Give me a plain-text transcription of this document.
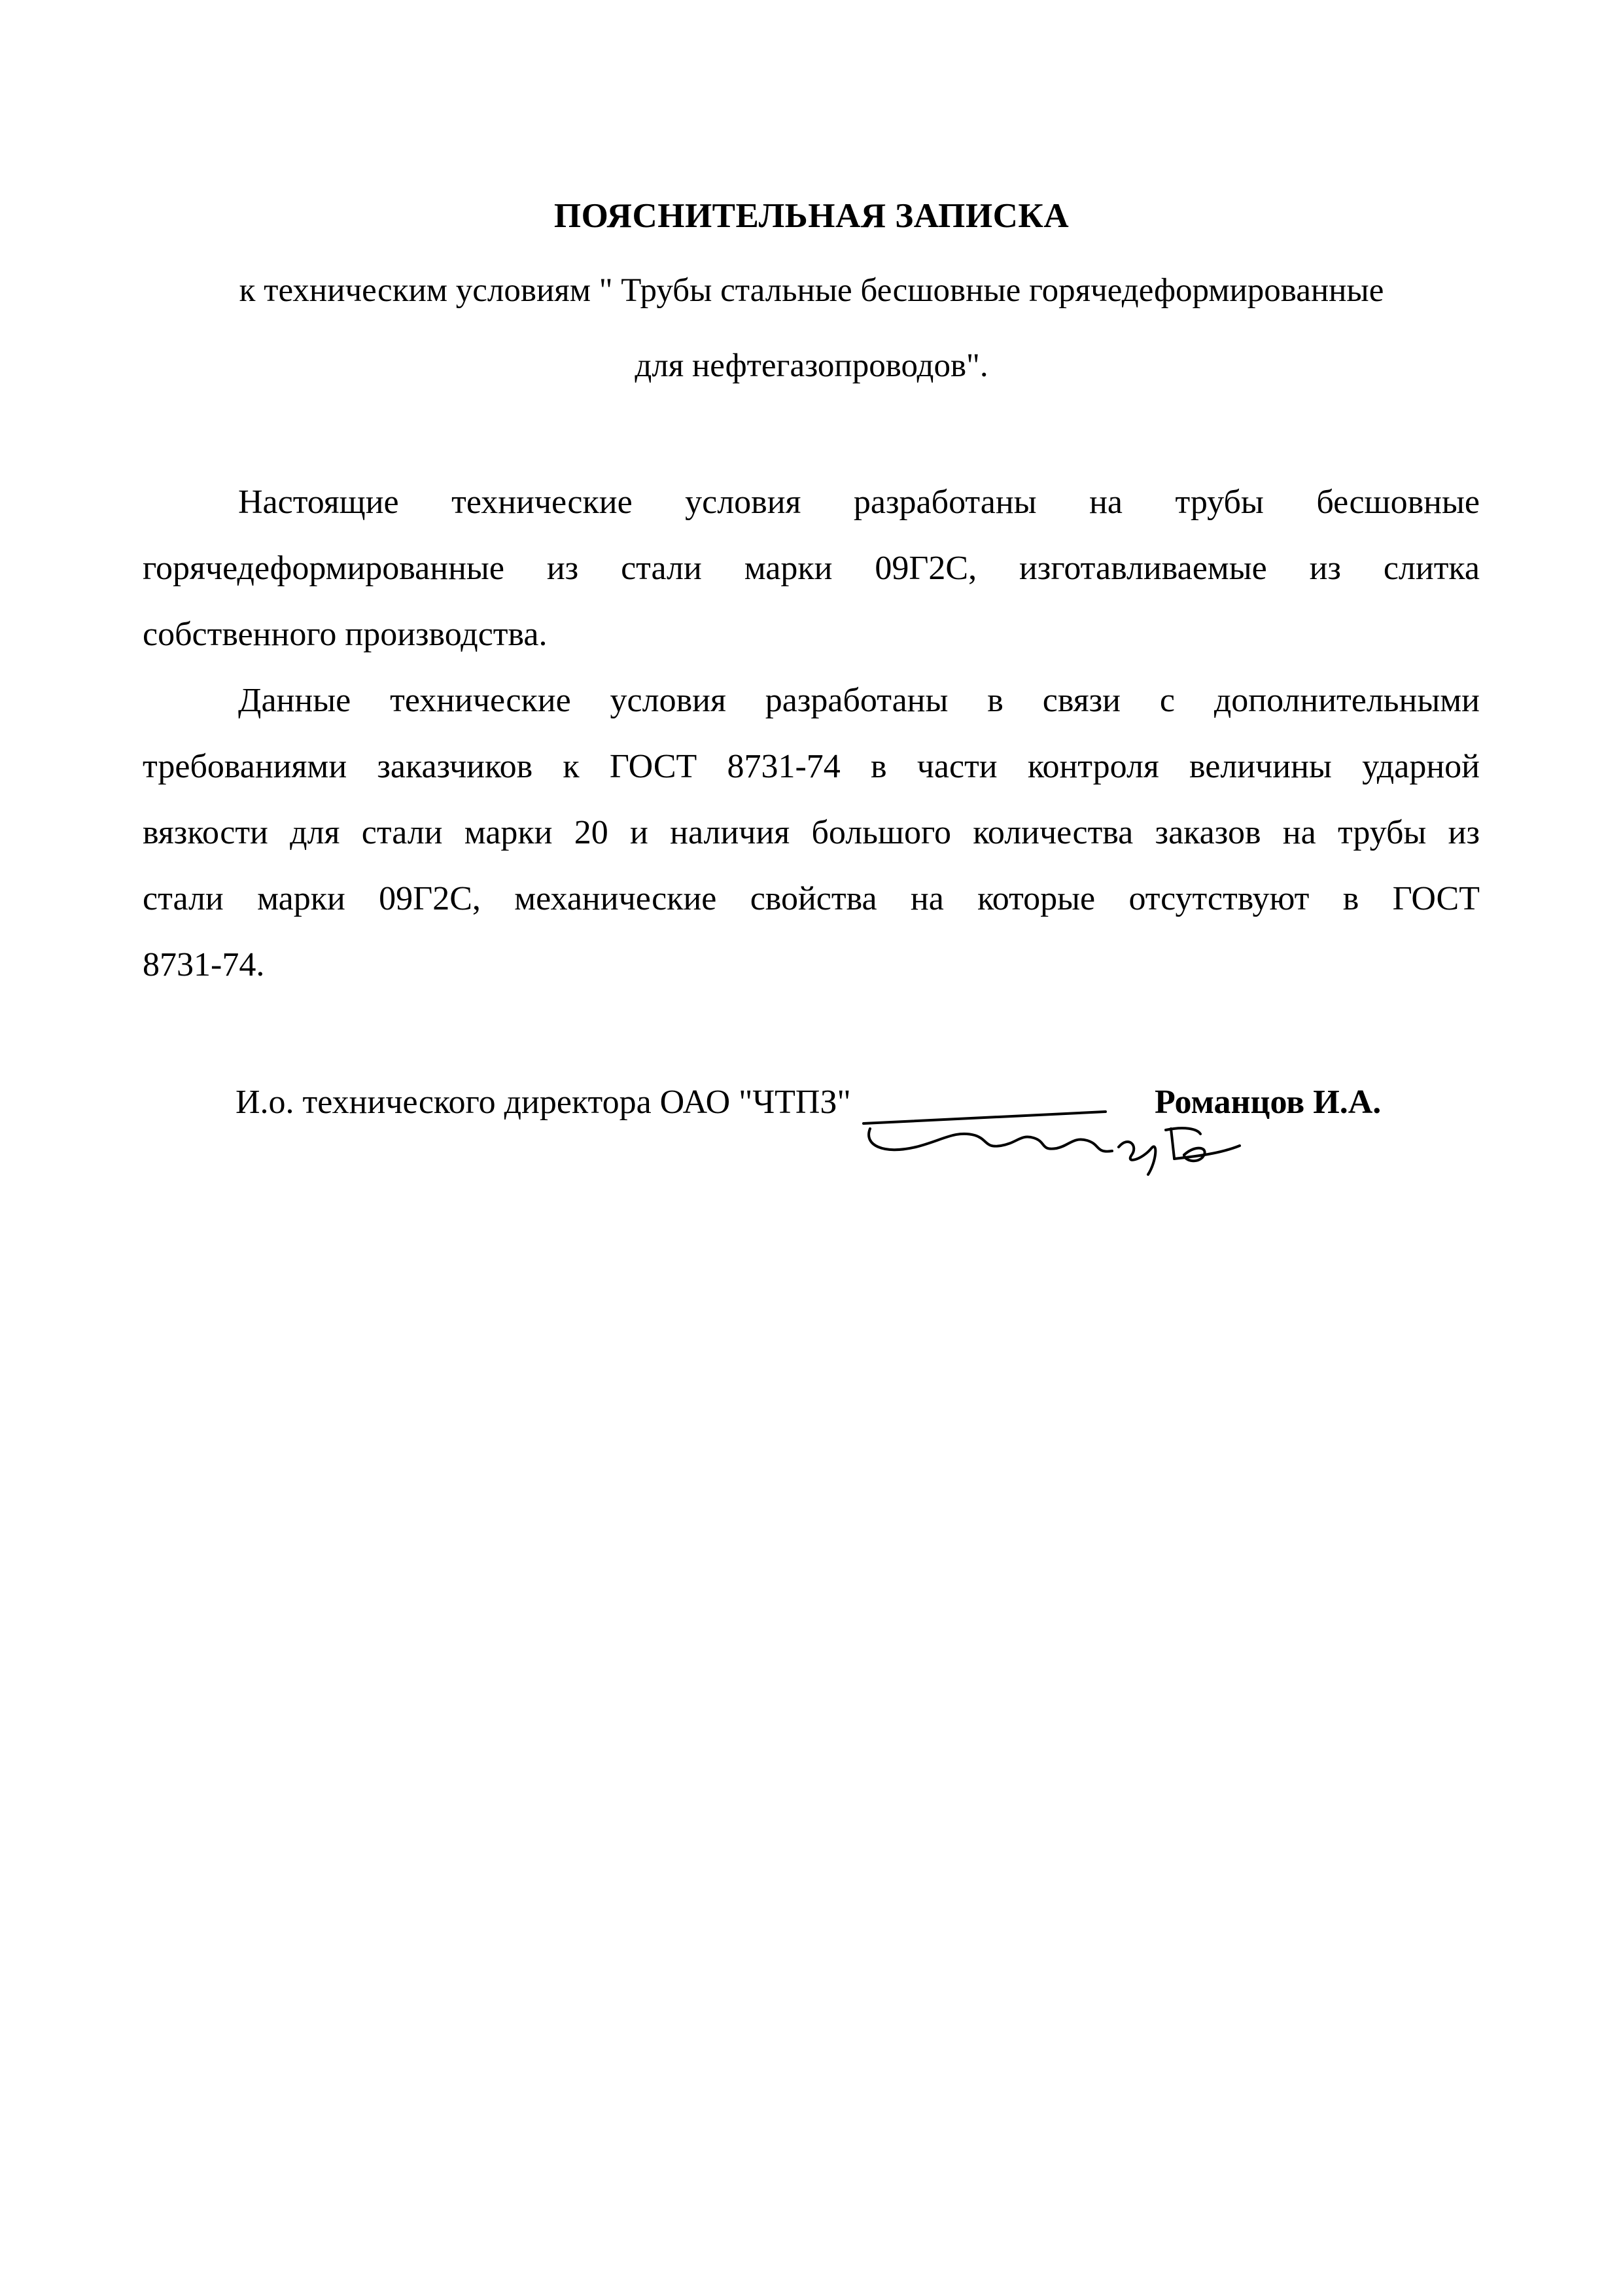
ПОЯСНИТЕЛЬНАЯ ЗАПИСКА
к техническим условиям " Трубы стальные бесшовные горячедеформированные
для нефтегазопроводов".
Настоящие технические условия разработаны на трубы бесшовные
горячедеформированные из стали марки 09Г2С, изготавливаемые из слитка
собственного производства.
Данные технические условия разработаны в связи с дополнительными
требованиями заказчиков к ГОСТ 8731-74 в части контроля величины ударной
вязкости для стали марки 20 и наличия большого количества заказов на трубы из
стали марки 09Г2С, механические свойства на которые отсутствуют в ГОСТ
8731-74.
И.о. технического директора ОАО "ЧТПЗ"	Романцов И.А.
